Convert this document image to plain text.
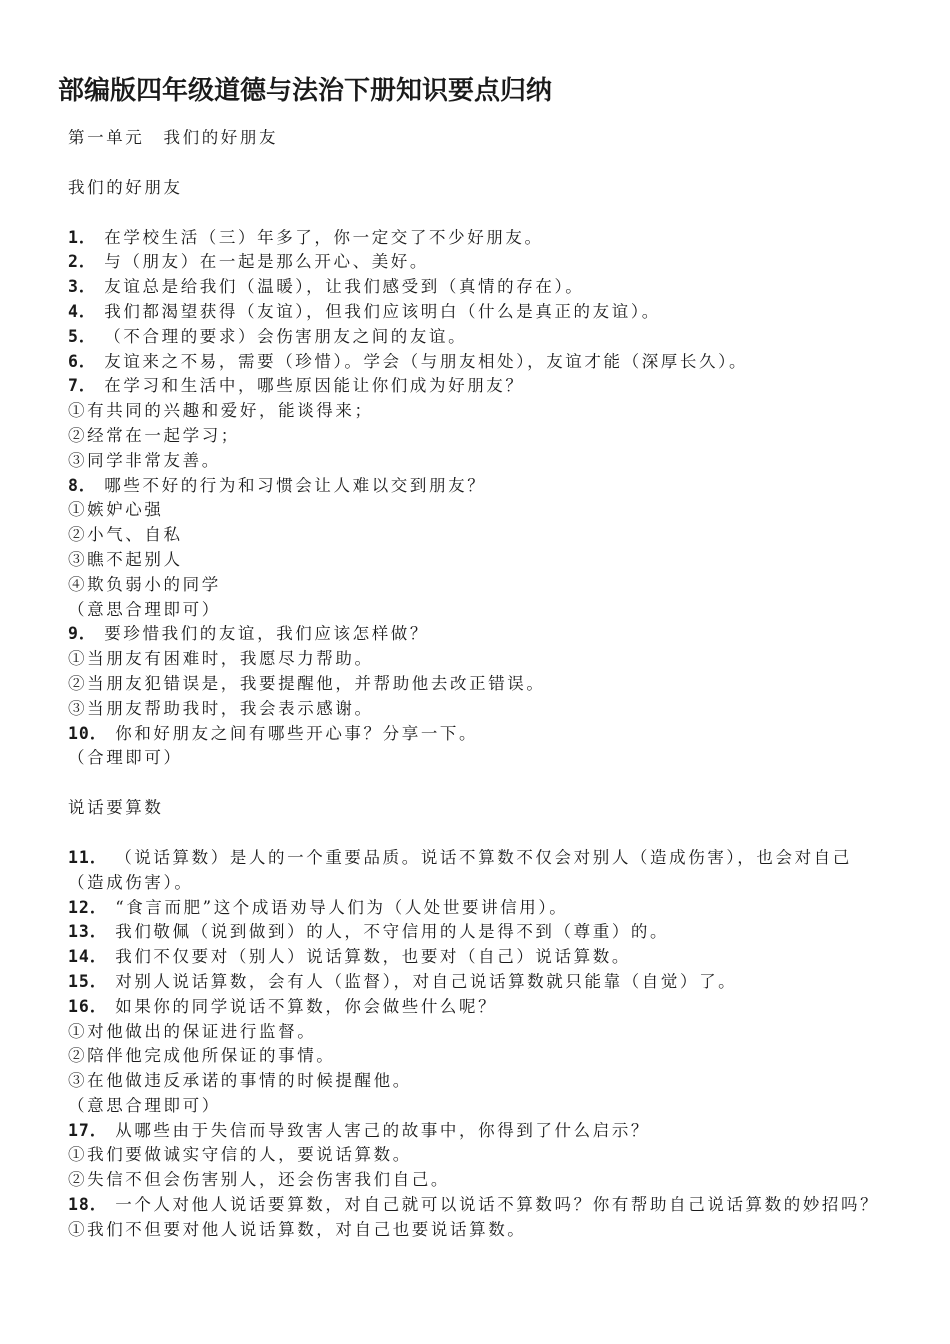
部编版四年级道德与法治下册知识要点归纳
第一单元　我们的好朋友
我们的好朋友
1． 在学校生活（三）年多了，你一定交了不少好朋友。
2． 与（朋友）在一起是那么开心、美好。
3． 友谊总是给我们（温暖），让我们感受到（真情的存在）。
4． 我们都渴望获得（友谊），但我们应该明白（什么是真正的友谊）。
5． （不合理的要求）会伤害朋友之间的友谊。
6． 友谊来之不易，需要（珍惜）。学会（与朋友相处），友谊才能（深厚长久）。
7． 在学习和生活中，哪些原因能让你们成为好朋友？
①有共同的兴趣和爱好，能谈得来；
②经常在一起学习；
③同学非常友善。
8． 哪些不好的行为和习惯会让人难以交到朋友？
①嫉妒心强
②小气、自私
③瞧不起别人
④欺负弱小的同学
（意思合理即可）
9． 要珍惜我们的友谊，我们应该怎样做？
①当朋友有困难时，我愿尽力帮助。
②当朋友犯错误是，我要提醒他，并帮助他去改正错误。
③当朋友帮助我时，我会表示感谢。
10． 你和好朋友之间有哪些开心事？分享一下。
（合理即可）
说话要算数
11． （说话算数）是人的一个重要品质。说话不算数不仅会对别人（造成伤害），也会对自己（造成伤害）。
12． “食言而肥”这个成语劝导人们为（人处世要讲信用）。
13． 我们敬佩（说到做到）的人，不守信用的人是得不到（尊重）的。
14． 我们不仅要对（别人）说话算数，也要对（自己）说话算数。
15． 对别人说话算数，会有人（监督），对自己说话算数就只能靠（自觉）了。
16． 如果你的同学说话不算数，你会做些什么呢？
①对他做出的保证进行监督。
②陪伴他完成他所保证的事情。
③在他做违反承诺的事情的时候提醒他。
（意思合理即可）
17． 从哪些由于失信而导致害人害己的故事中，你得到了什么启示？
①我们要做诚实守信的人，要说话算数。
②失信不但会伤害别人，还会伤害我们自己。
18． 一个人对他人说话要算数，对自己就可以说话不算数吗？你有帮助自己说话算数的妙招吗？
①我们不但要对他人说话算数，对自己也要说话算数。
